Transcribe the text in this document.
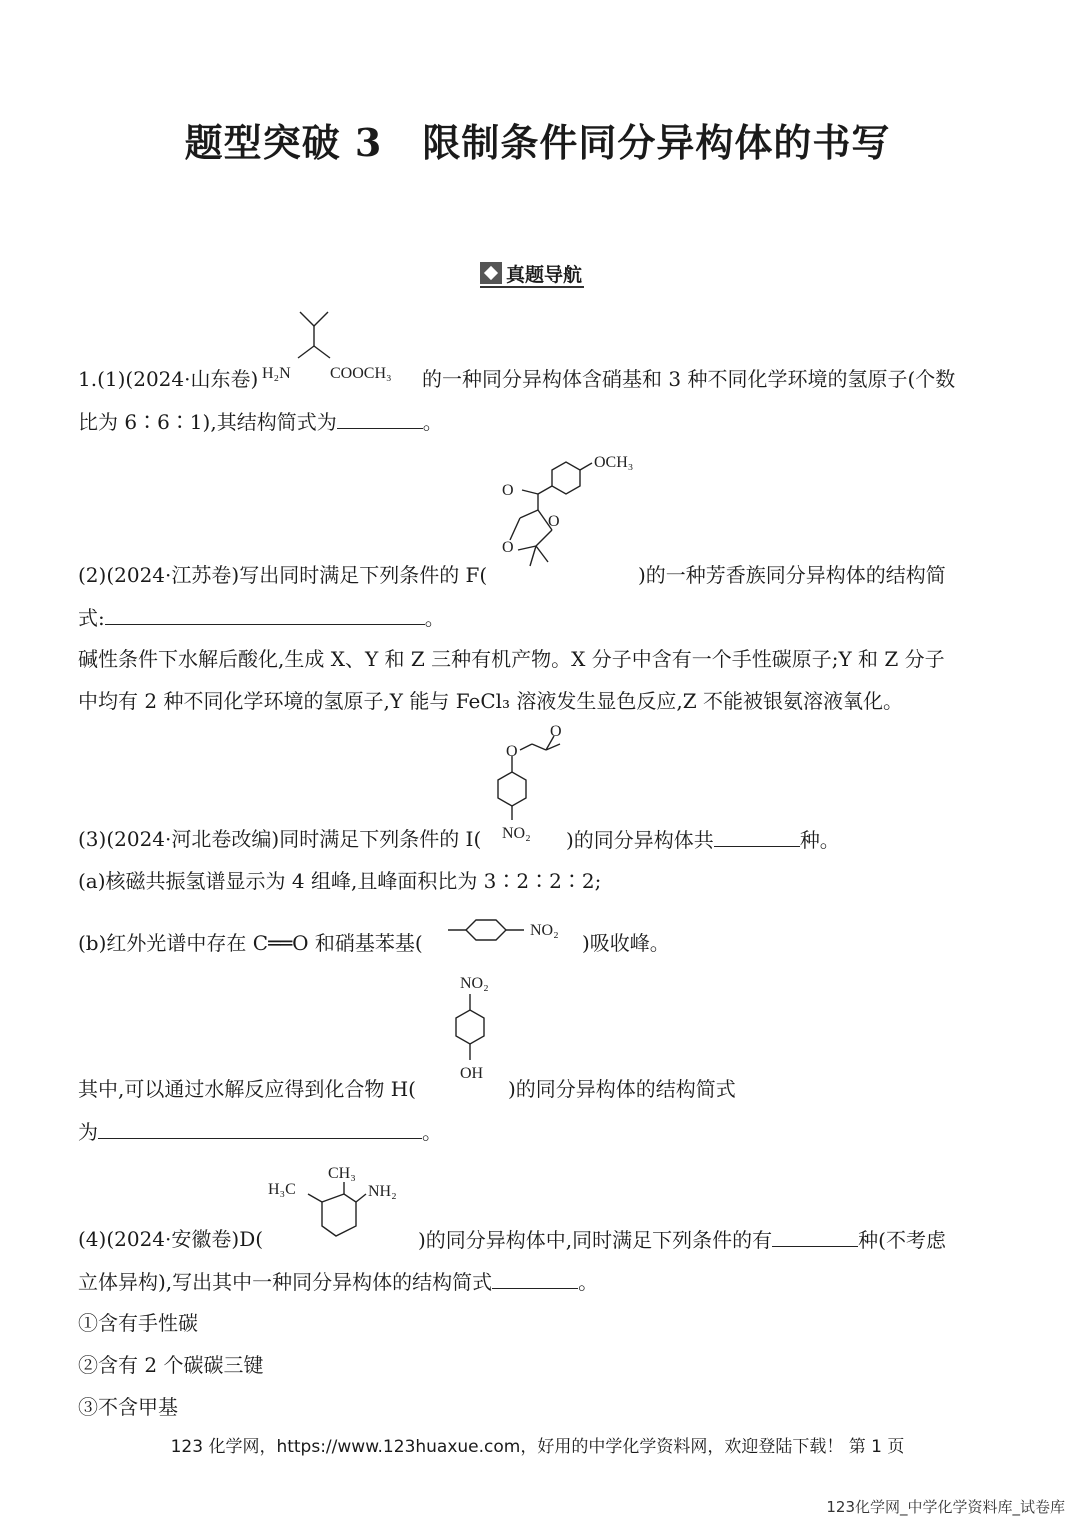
题型突破 3 限制条件同分异构体的书写
真题导航
1.(1)(2024·山东卷) H₂N COOCH₃ 的一种同分异构体含硝基和 3 种不同化学环境的氢原子(个数
比为 6∶6∶1),其结构简式为	。
(2)(2024·江苏卷)写出同时满足下列条件的 F(
OCH₃
O
O
O
)的一种芳香族同分异构体的结构简
式:	。
碱性条件下水解后酸化,生成 X、Y 和 Z 三种有机产物。X 分子中含有一个手性碳原子;Y 和 Z 分子
中均有 2 种不同化学环境的氢原子,Y 能与 FeCl₃ 溶液发生显色反应,Z 不能被银氨溶液氧化。
(3)(2024·河北卷改编)同时满足下列条件的 I(
O
O
NO₂ )的同分异构体共	种。
(a)核磁共振氢谱显示为 4 组峰,且峰面积比为 3∶2∶2∶2;
(b)红外光谱中存在 C══O 和硝基苯基(
NO₂
)吸收峰。
其中,可以通过水解反应得到化合物 H(
NO₂
OH
)的同分异构体的结构简式
为	。
(4)(2024·安徽卷)D(
CH₃
H₃C	NH₂
)的同分异构体中,同时满足下列条件的有	种(不考虑
立体异构),写出其中一种同分异构体的结构简式	。
①含有手性碳
②含有 2 个碳碳三键
③不含甲基
123 化学网，https://www.123huaxue.com，好用的中学化学资料网，欢迎登陆下载！ 第 1 页
123化学网_中学化学资料库_试卷库
